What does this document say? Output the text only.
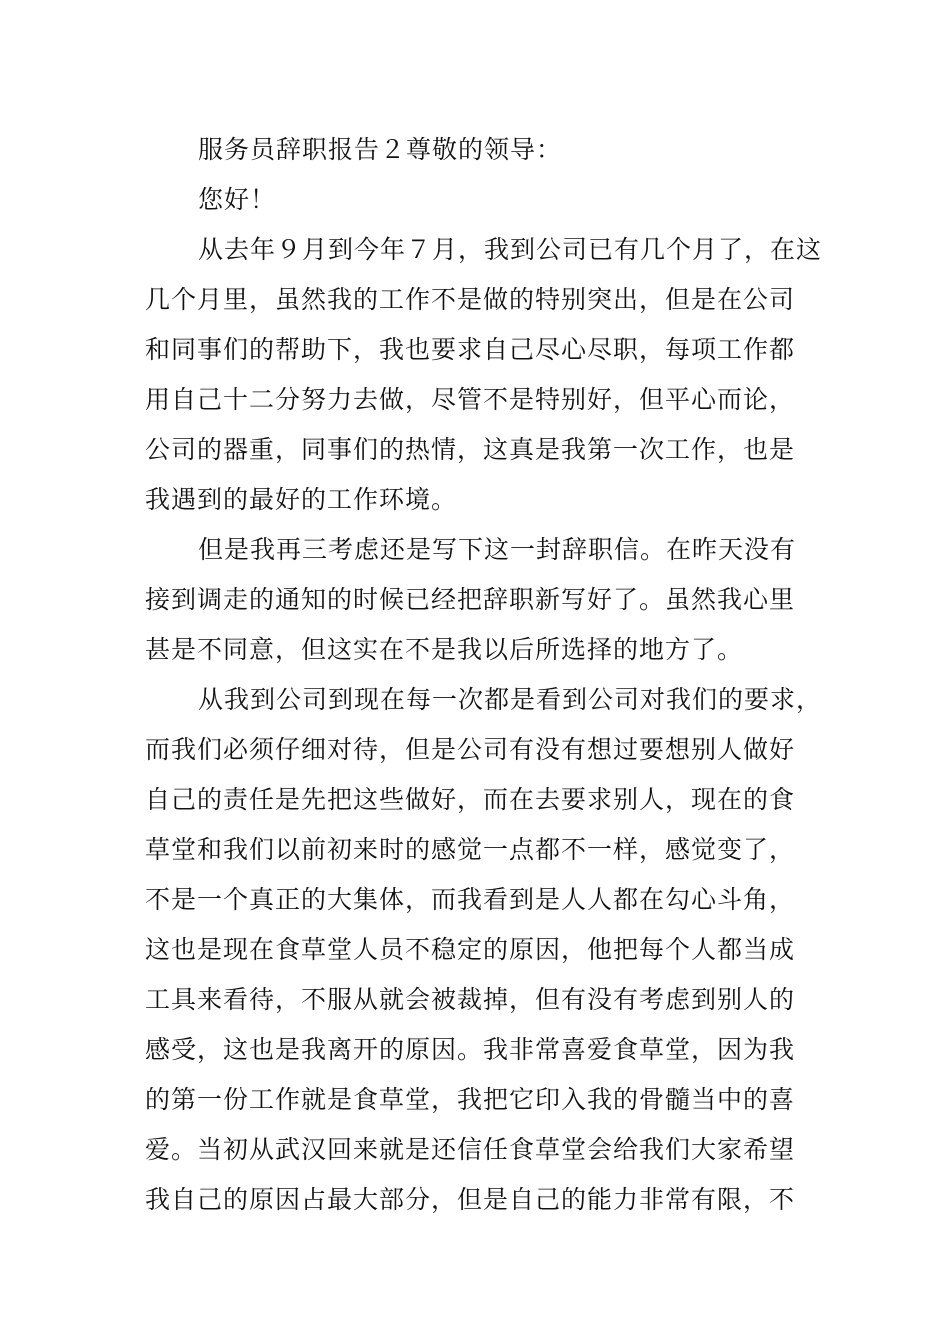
服务员辞职报告２尊敬的领导：

您好！

从去年９月到今年７月，我到公司已有几个月了，在这

几个月里，虽然我的工作不是做的特别突出，但是在公司

和同事们的帮助下，我也要求自己尽心尽职，每项工作都

用自己十二分努力去做，尽管不是特别好，但平心而论，

公司的器重，同事们的热情，这真是我第一次工作，也是

我遇到的最好的工作环境。

但是我再三考虑还是写下这一封辞职信。在昨天没有

接到调走的通知的时候已经把辞职新写好了。虽然我心里

甚是不同意，但这实在不是我以后所选择的地方了。

从我到公司到现在每一次都是看到公司对我们的要求，

而我们必须仔细对待，但是公司有没有想过要想别人做好

自己的责任是先把这些做好，而在去要求别人，现在的食

草堂和我们以前初来时的感觉一点都不一样，感觉变了，

不是一个真正的大集体，而我看到是人人都在勾心斗角，

这也是现在食草堂人员不稳定的原因，他把每个人都当成

工具来看待，不服从就会被裁掉，但有没有考虑到别人的

感受，这也是我离开的原因。我非常喜爱食草堂，因为我

的第一份工作就是食草堂，我把它印入我的骨髓当中的喜

爱。当初从武汉回来就是还信任食草堂会给我们大家希望

我自己的原因占最大部分，但是自己的能力非常有限，不
